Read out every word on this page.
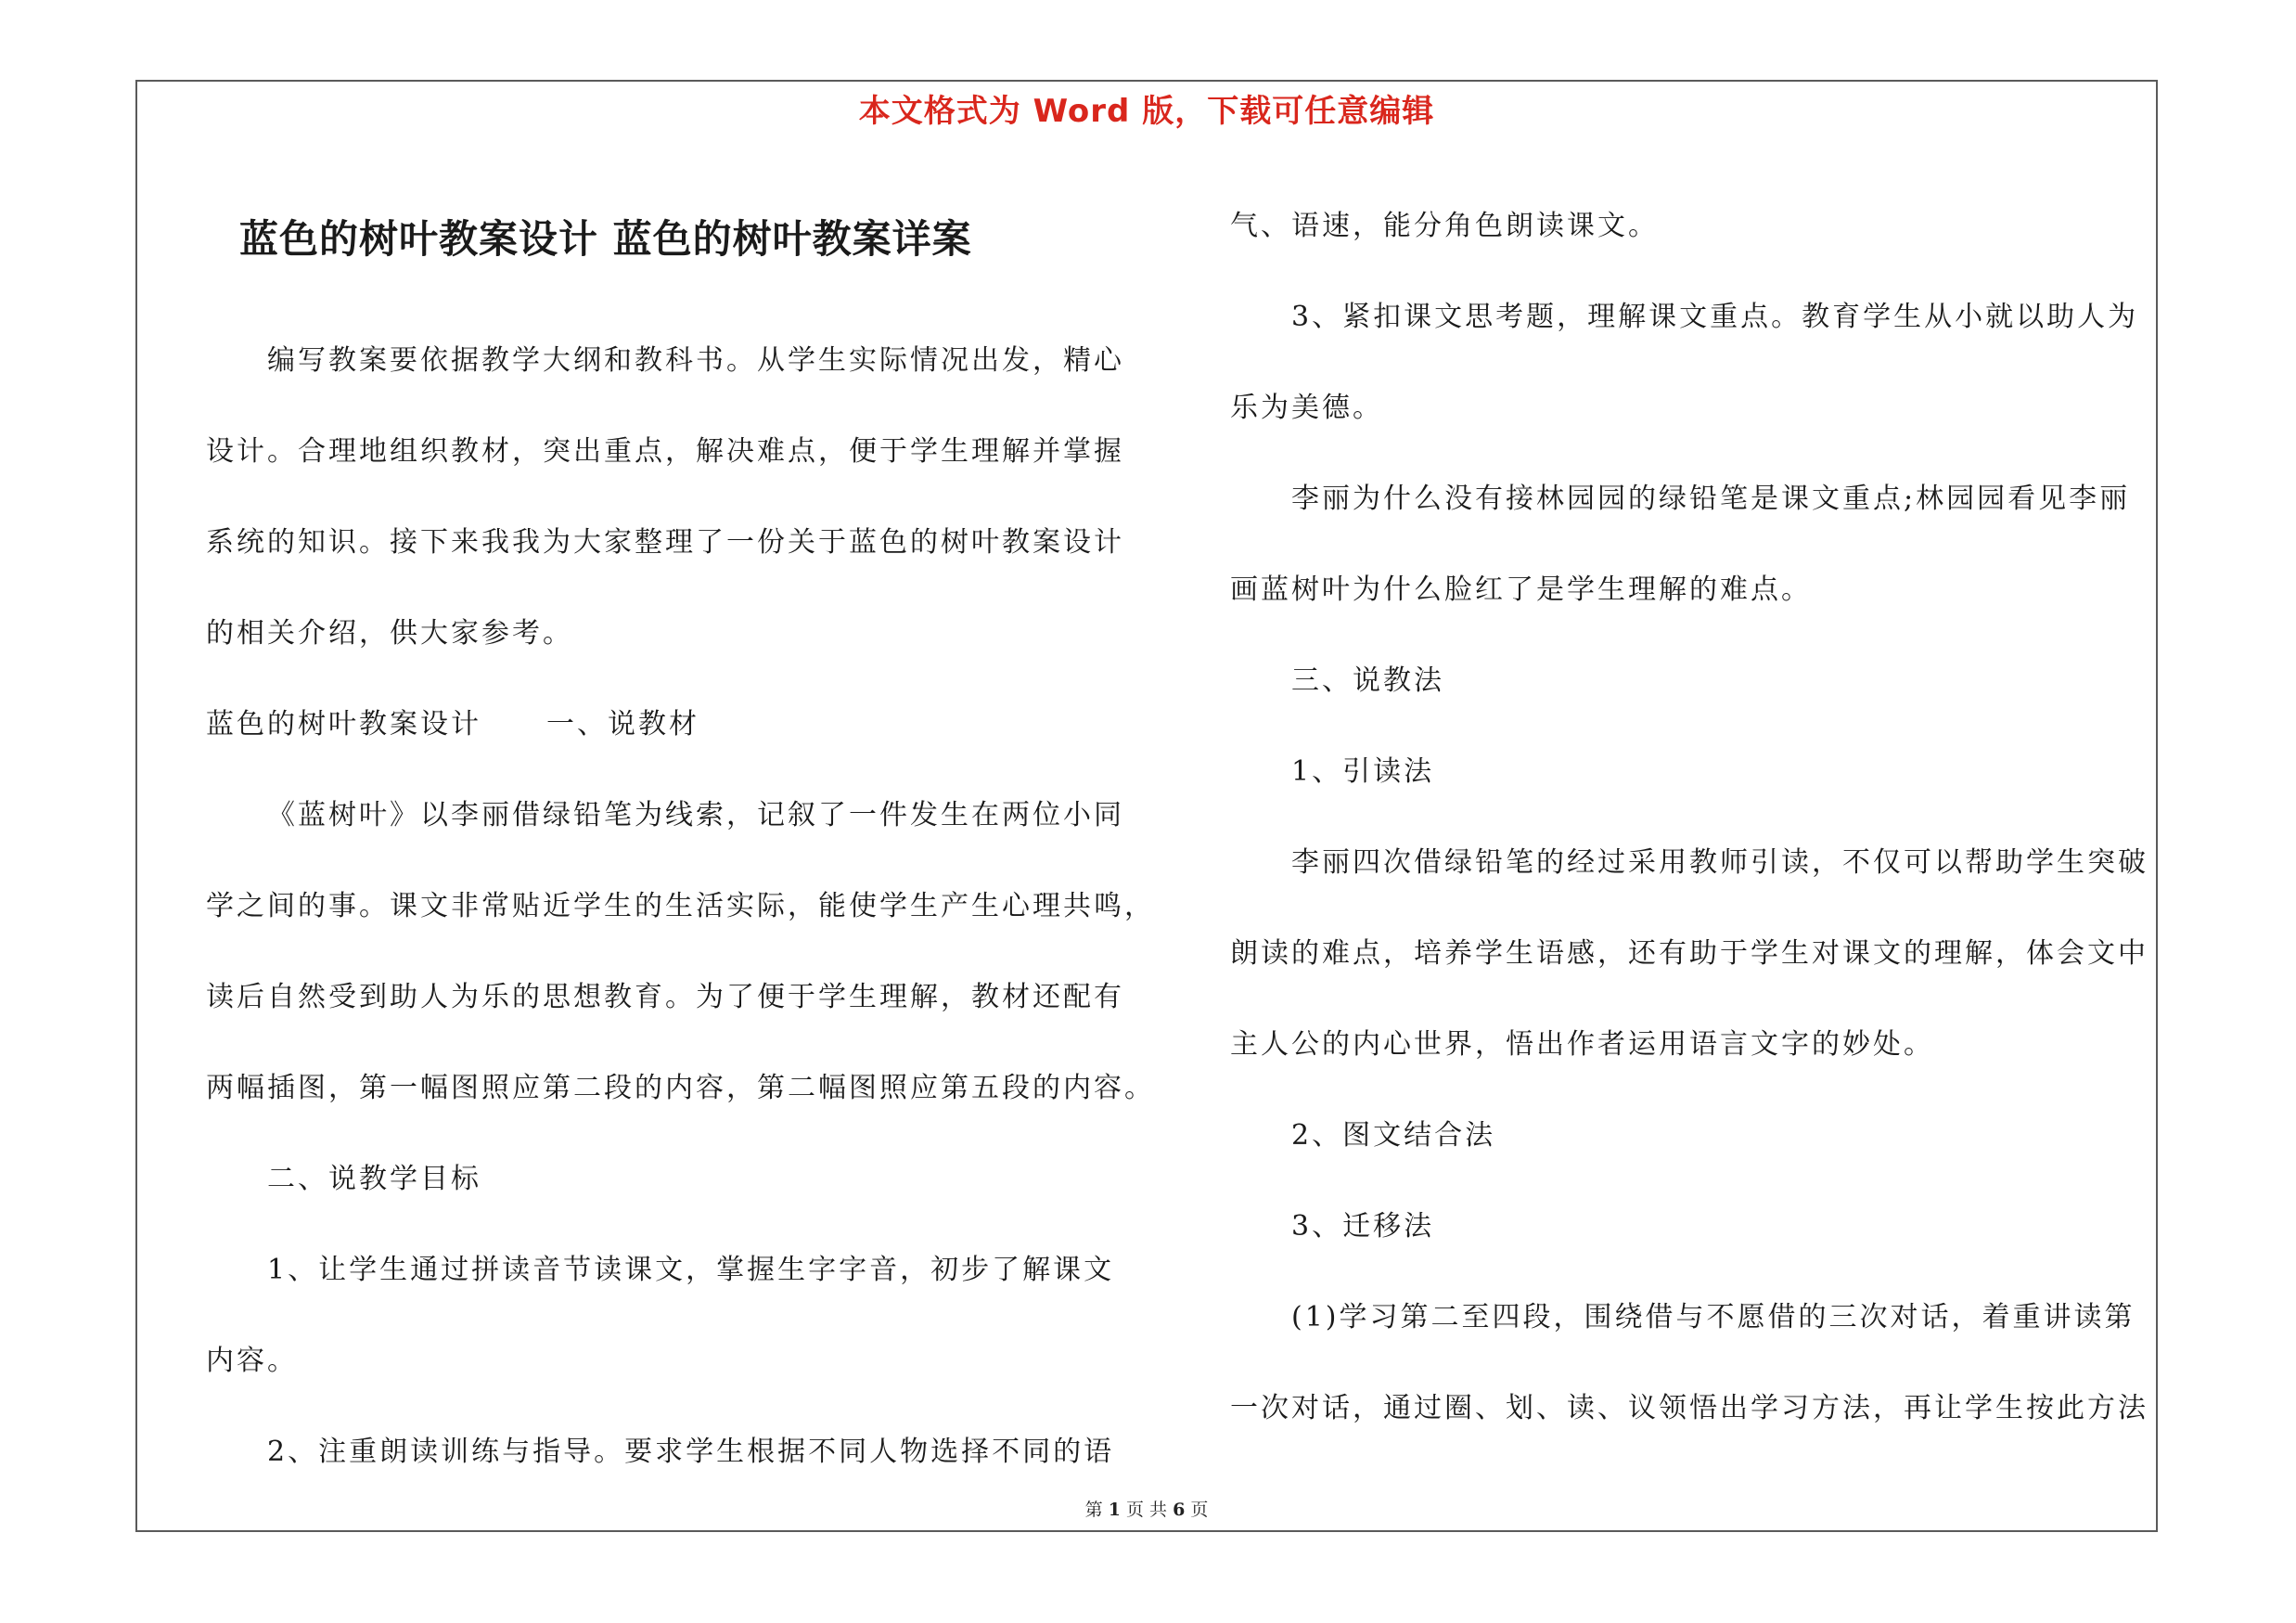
本文格式为 Word 版，下载可任意编辑
蓝色的树叶教案设计 蓝色的树叶教案详案

编写教案要依据教学大纲和教科书。从学生实际情况出发，精心

设计。合理地组织教材，突出重点，解决难点，便于学生理解并掌握

系统的知识。接下来我我为大家整理了一份关于蓝色的树叶教案设计

的相关介绍，供大家参考。

蓝色的树叶教案设计 一、说教材

《蓝树叶》以李丽借绿铅笔为线索，记叙了一件发生在两位小同

学之间的事。课文非常贴近学生的生活实际，能使学生产生心理共鸣，

读后自然受到助人为乐的思想教育。为了便于学生理解，教材还配有

两幅插图，第一幅图照应第二段的内容，第二幅图照应第五段的内容。

二、说教学目标

1、让学生通过拼读音节读课文，掌握生字字音，初步了解课文

内容。

2、注重朗读训练与指导。要求学生根据不同人物选择不同的语

气、语速，能分角色朗读课文。

3、紧扣课文思考题，理解课文重点。教育学生从小就以助人为

乐为美德。

李丽为什么没有接林园园的绿铅笔是课文重点;林园园看见李丽

画蓝树叶为什么脸红了是学生理解的难点。

三、说教法

1、引读法

李丽四次借绿铅笔的经过采用教师引读，不仅可以帮助学生突破

朗读的难点，培养学生语感，还有助于学生对课文的理解，体会文中

主人公的内心世界，悟出作者运用语言文字的妙处。

2、图文结合法

3、迁移法

(1)学习第二至四段，围绕借与不愿借的三次对话，着重讲读第

一次对话，通过圈、划、读、议领悟出学习方法，再让学生按此方法

第 1 页 共 6 页
